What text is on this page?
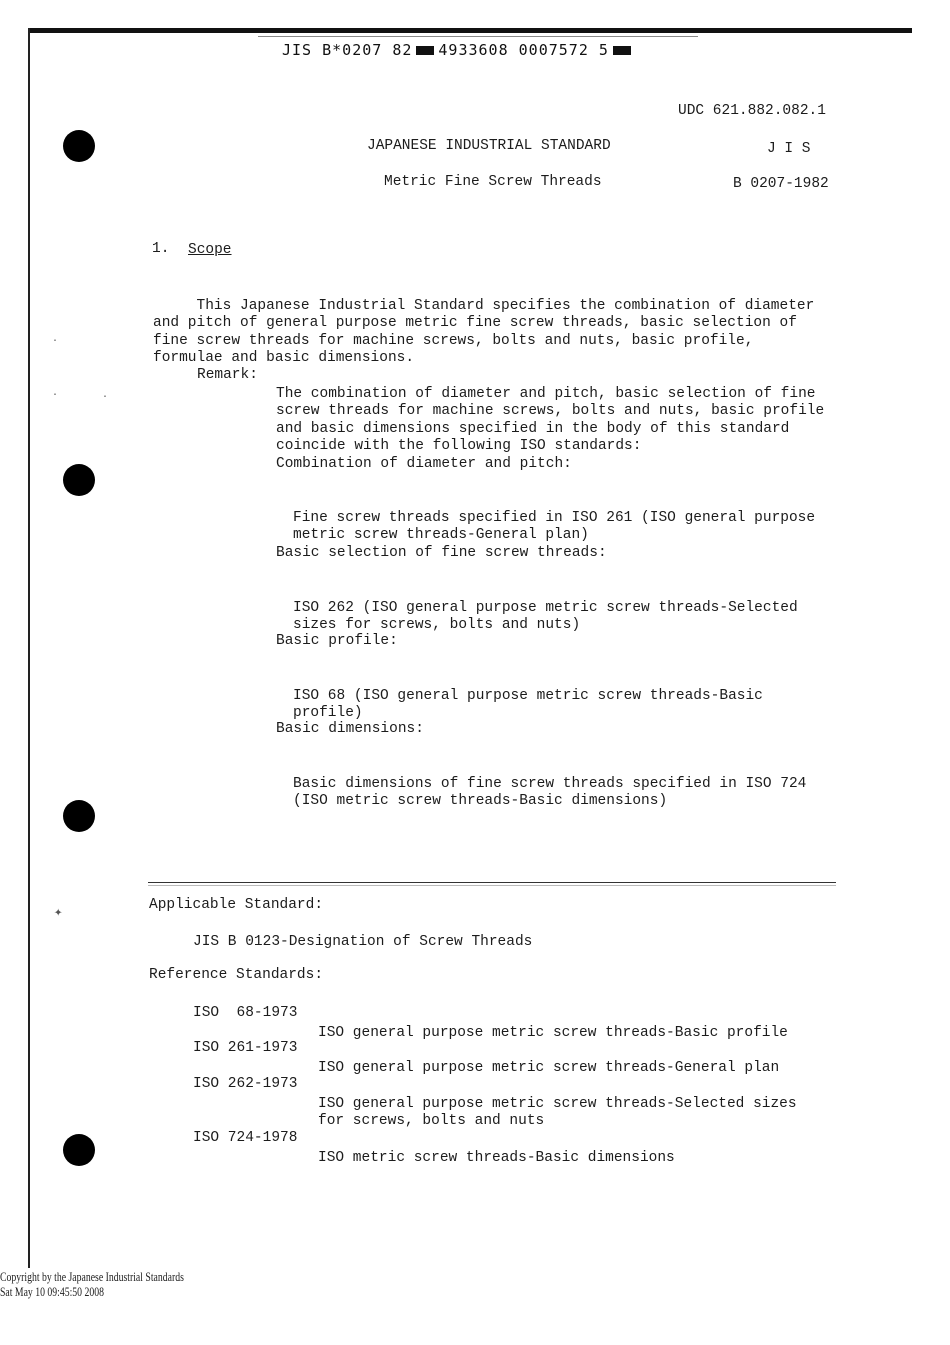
·
·	·
✦
JIS B*0207 82 4933608 0007572 5
UDC 621.882.082.1
JAPANESE INDUSTRIAL STANDARD	J I S
Metric Fine Screw Threads	B 0207-1982
1. Scope

This Japanese Industrial Standard specifies the combination of diameter
and pitch of general purpose metric fine screw threads, basic selection of
fine screw threads for machine screws, bolts and nuts, basic profile,
formulae and basic dimensions.

Remark:

The combination of diameter and pitch, basic selection of fine
screw threads for machine screws, bolts and nuts, basic profile
and basic dimensions specified in the body of this standard
coincide with the following ISO standards:

Combination of diameter and pitch:

Fine screw threads specified in ISO 261 (ISO general purpose
metric screw threads-General plan)

Basic selection of fine screw threads:

ISO 262 (ISO general purpose metric screw threads-Selected
sizes for screws, bolts and nuts)

Basic profile:

ISO 68 (ISO general purpose metric screw threads-Basic
profile)

Basic dimensions:

Basic dimensions of fine screw threads specified in ISO 724
(ISO metric screw threads-Basic dimensions)

Applicable Standard:
JIS B 0123-Designation of Screw Threads
Reference Standards:
ISO  68-1973

ISO general purpose metric screw threads-Basic profile

ISO 261-1973

ISO general purpose metric screw threads-General plan

ISO 262-1973

ISO general purpose metric screw threads-Selected sizes
for screws, bolts and nuts

ISO 724-1978

ISO metric screw threads-Basic dimensions

Copyright by the Japanese Industrial Standards
Sat May 10 09:45:50 2008
